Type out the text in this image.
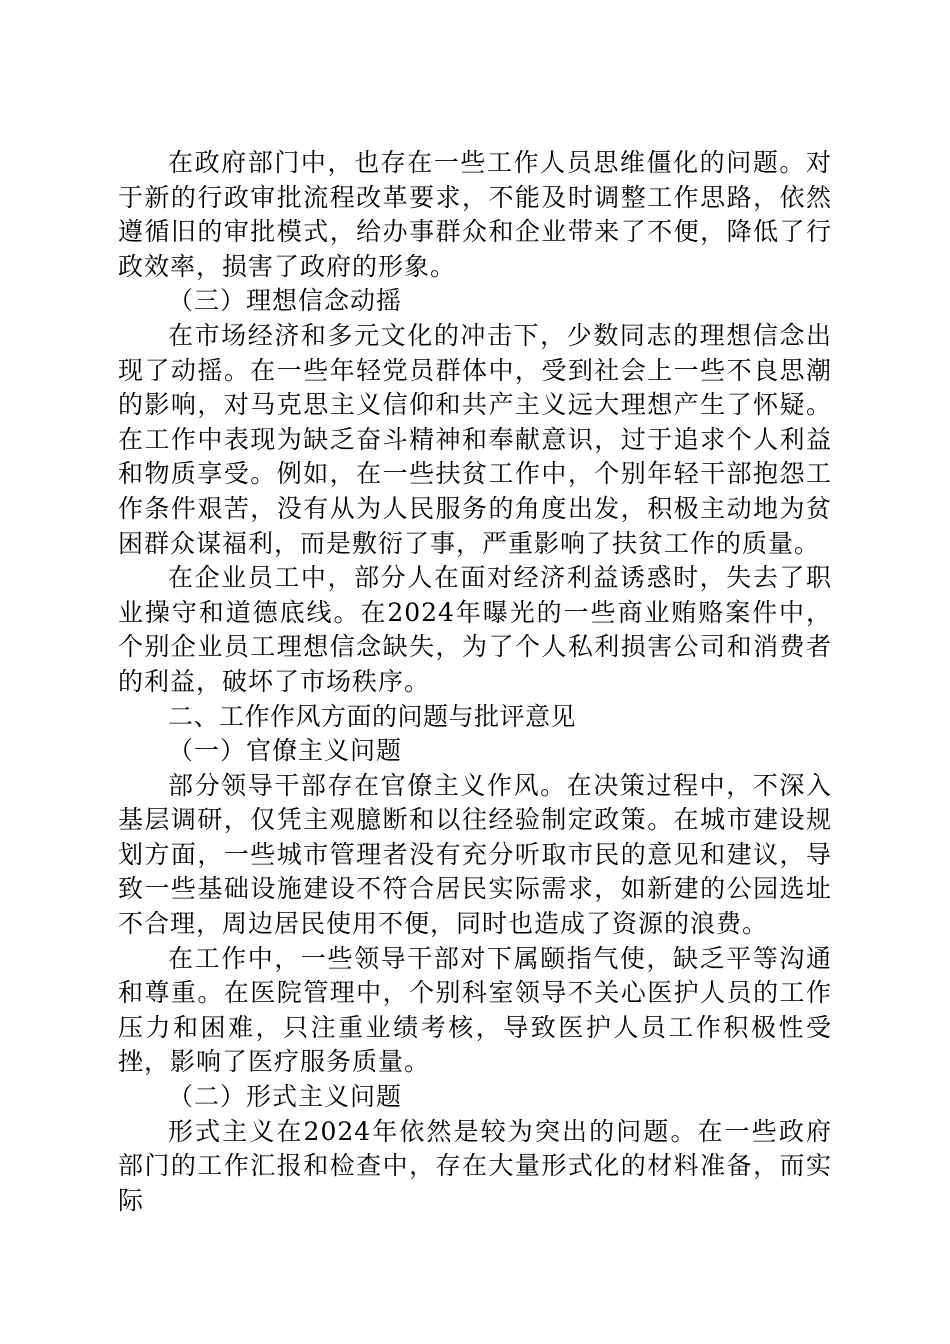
在政府部门中，也存在一些工作人员思维僵化的问题。对于新的行政审批流程改革要求，不能及时调整工作思路，依然遵循旧的审批模式，给办事群众和企业带来了不便，降低了行政效率，损害了政府的形象。

（三）理想信念动摇

在市场经济和多元文化的冲击下，少数同志的理想信念出现了动摇。在一些年轻党员群体中，受到社会上一些不良思潮的影响，对马克思主义信仰和共产主义远大理想产生了怀疑。在工作中表现为缺乏奋斗精神和奉献意识，过于追求个人利益和物质享受。例如，在一些扶贫工作中，个别年轻干部抱怨工作条件艰苦，没有从为人民服务的角度出发，积极主动地为贫困群众谋福利，而是敷衍了事，严重影响了扶贫工作的质量。

在企业员工中，部分人在面对经济利益诱惑时，失去了职业操守和道德底线。在2024年曝光的一些商业贿赂案件中，个别企业员工理想信念缺失，为了个人私利损害公司和消费者的利益，破坏了市场秩序。

二、工作作风方面的问题与批评意见

（一）官僚主义问题

部分领导干部存在官僚主义作风。在决策过程中，不深入基层调研，仅凭主观臆断和以往经验制定政策。在城市建设规划方面，一些城市管理者没有充分听取市民的意见和建议，导致一些基础设施建设不符合居民实际需求，如新建的公园选址不合理，周边居民使用不便，同时也造成了资源的浪费。

在工作中，一些领导干部对下属颐指气使，缺乏平等沟通和尊重。在医院管理中，个别科室领导不关心医护人员的工作压力和困难，只注重业绩考核，导致医护人员工作积极性受挫，影响了医疗服务质量。

（二）形式主义问题

形式主义在2024年依然是较为突出的问题。在一些政府部门的工作汇报和检查中，存在大量形式化的材料准备，而实际
